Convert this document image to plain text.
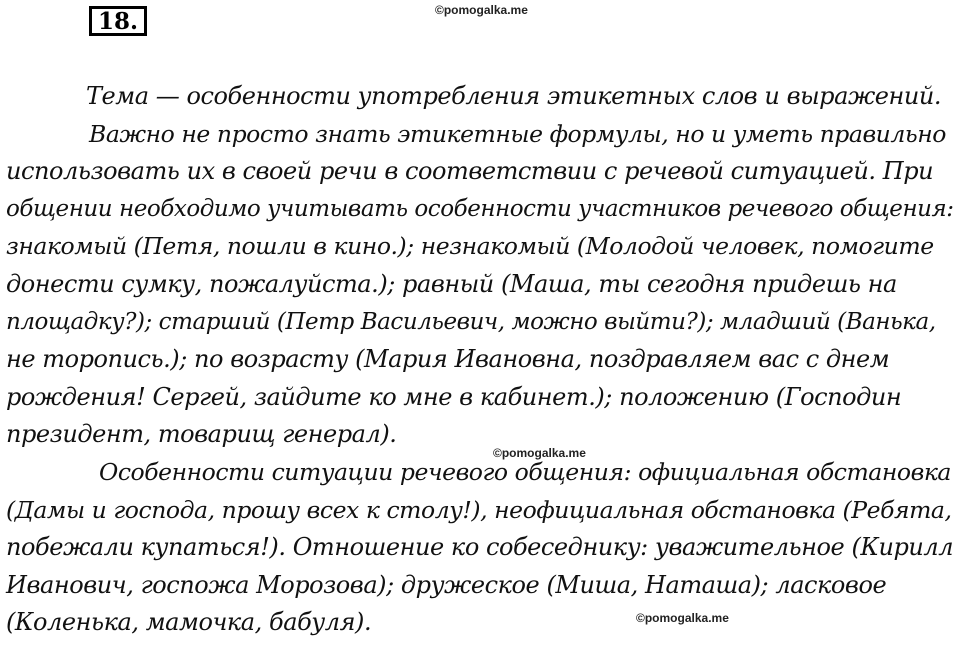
18.	©pomogalka.me
©pomogalka.me
©pomogalka.me
Тема — особенности употребления этикетных слов и выражений.
Важно не просто знать этикетные формулы, но и уметь правильно
использовать их в своей речи в соответствии с речевой ситуацией. При
общении необходимо учитывать особенности участников речевого общения:
знакомый (Петя, пошли в кино.); незнакомый (Молодой человек, помогите
донести сумку, пожалуйста.); равный (Маша, ты сегодня придешь на
площадку?); старший (Петр Васильевич, можно выйти?); младший (Ванька,
не торопись.); по возрасту (Мария Ивановна, поздравляем вас с днем
рождения! Сергей, зайдите ко мне в кабинет.); положению (Господин
президент, товарищ генерал).
Особенности ситуации речевого общения: официальная обстановка
(Дамы и господа, прошу всех к столу!), неофициальная обстановка (Ребята,
побежали купаться!). Отношение ко собеседнику: уважительное (Кирилл
Иванович, госпожа Морозова); дружеское (Миша, Наташа); ласковое
(Коленька, мамочка, бабуля).
